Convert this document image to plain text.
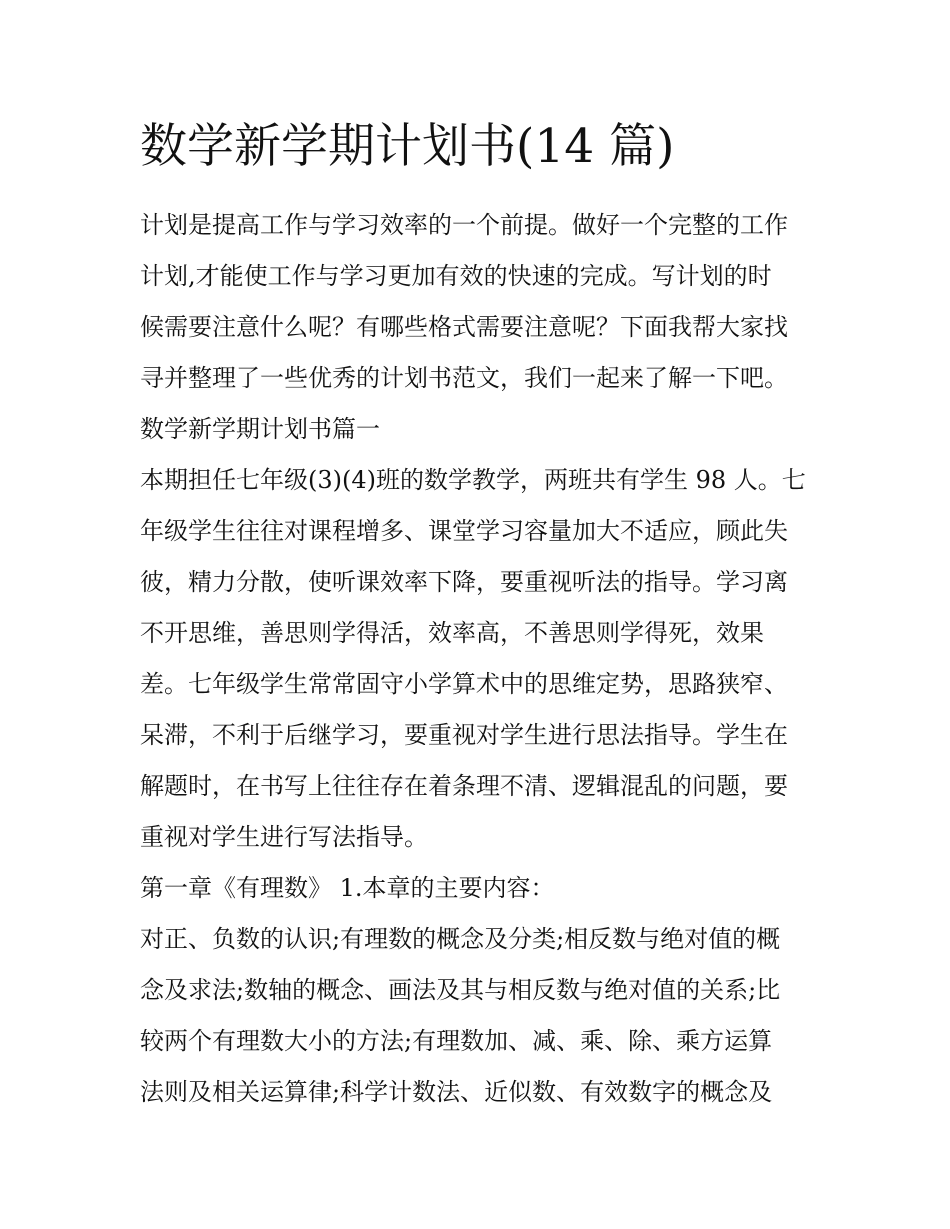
数学新学期计划书(14 篇)

计划是提高工作与学习效率的一个前提。做好一个完整的工作

计划,才能使工作与学习更加有效的快速的完成。写计划的时

候需要注意什么呢？有哪些格式需要注意呢？下面我帮大家找

寻并整理了一些优秀的计划书范文，我们一起来了解一下吧。

数学新学期计划书篇一

本期担任七年级(3)(4)班的数学教学，两班共有学生 98 人。七

年级学生往往对课程增多、课堂学习容量加大不适应，顾此失

彼，精力分散，使听课效率下降，要重视听法的指导。学习离

不开思维，善思则学得活，效率高，不善思则学得死，效果

差。七年级学生常常固守小学算术中的思维定势，思路狭窄、

呆滞，不利于后继学习，要重视对学生进行思法指导。学生在

解题时，在书写上往往存在着条理不清、逻辑混乱的问题，要

重视对学生进行写法指导。

第一章《有理数》 1.本章的主要内容：

对正、负数的认识;有理数的概念及分类;相反数与绝对值的概

念及求法;数轴的概念、画法及其与相反数与绝对值的关系;比

较两个有理数大小的方法;有理数加、减、乘、除、乘方运算

法则及相关运算律;科学计数法、近似数、有效数字的概念及
